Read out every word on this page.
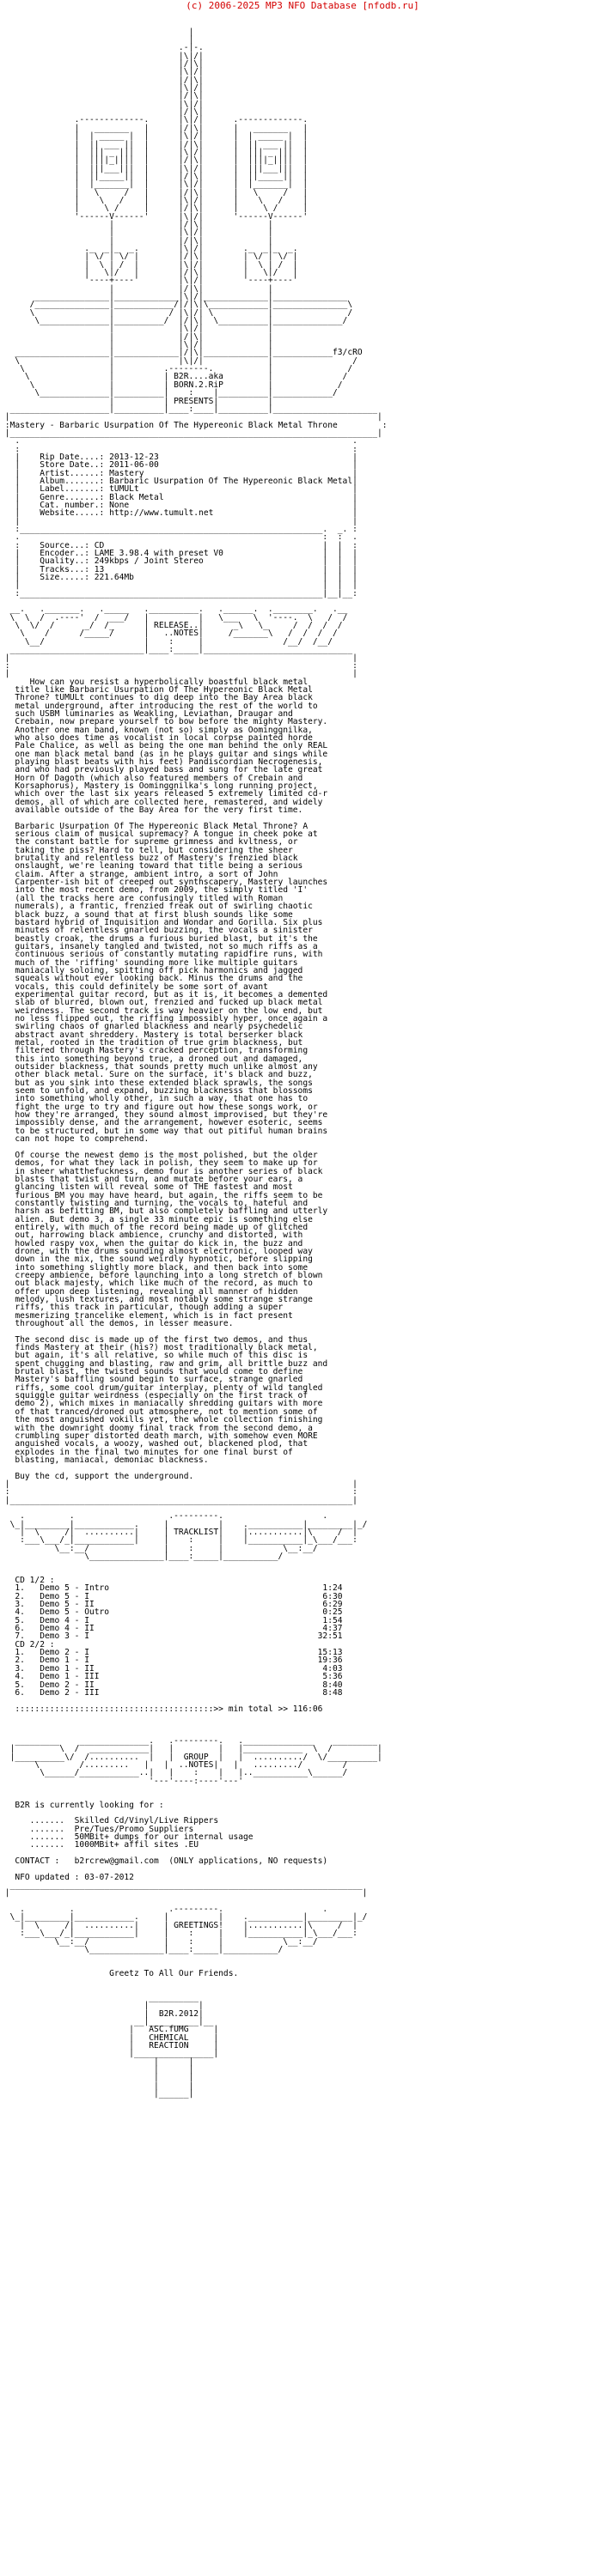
(c) 2006-2025 MP3 NFO Database [nfodb.ru]

|
|
.-|-.
|\|/|
|/|\|
|\|/|
|/|\|
|\|/|
|/|\|
|\|/|
|/|\|
.-------------.      |\|/|      .-------------.
|   _______   |      |/|\|      |   _______   |
|  | _____ |  |      |\|/|      |  | _____ |  |
|  || ___ ||  |      |/|\|      |  || ___ ||  |
|  ||| _ |||  |      |\|/|      |  ||| _ |||  |
|  ||||_||||  |      |/|\|      |  ||||_||||  |
|  |||___|||  |      |\|/|      |  |||___|||  |
|  ||_____||  |      |/|\|      |  ||_____||  |
|  |_______|  |      |\|/|      |  |_______|  |
|   \     /   |      |/|\|      |   \     /   |
|    \   /    |      |\|/|      |    \   /    |
|     \ /     |      |/|\|      |     \ /     |
'------V------'      |\|/|      '------V------'
|             |/|\|             |
|             |\|/|             |
|             |/|\|             |
._  _|_  _.        |\|/|        ._  _|_  _.
| \/ | \/ |        |/|\|        | \/ | \/ |
|  \ | /  |        |\|/|        |  \ | /  |
|   \|/   |        |/|\|        |   \|/   |
'----+----'        |\|/|        '----+----'
|             |/|\|             |
_______________|_____________|\|/|_____________|_______________
/_______________|____________/|/|\|\____________|_______________\
\               |           / |\|/| \           |               /
\______________|__________/  |/|\|  \__________|______________/
|             |\|/|             |
|             |/|\|             |
|             |\|/|             |
___________________|_____________|/|\|_____________|____________f3/cRO
\                  |             |\|/|             |                /
\                 |          .--------.           |               /
\                |          | B2R....aka         |              /
\               |          | BORN.2.RiP         |             /
\______________|__________|    :    |__________|____________/
|          | PRESENTS|          |
____________________|__________|____:____|__________|_____________________
|                                                                          |
:Mastery - Barbaric Usurpation Of The Hypereonic Black Metal Throne         :
|__________________________________________________________________________|
.                                                                   .
:                                                                   :
|    Rip Date....: 2013-12-23                                       |
|    Store Date..: 2011-06-00                                       |
|    Artist......: Mastery                                          |
|    Album.......: Barbaric Usurpation Of The Hypereonic Black Metal|
|    Label.......: tUMULt                                           |
|    Genre.......: Black Metal                                      |
|    Cat. number.: None                                             |
|    Website.....: http://www.tumult.net                            |
|                                                                   |
:_____________________________________________________________.  _. :
.                                                             :  :  .
:    Source...: CD                                            |  |  :
|    Encoder..: LAME 3.98.4 with preset V0                    |  |  |
|    Quality..: 249kbps / Joint Stereo                        |  |  |
|    Tracks...: 13                                            |  |  |
|    Size.....: 221.64Mb                                      |  |  |
|                                                             |  |  |
:_____________________________________________________________|__|__:

__.   ._______.   ._____   .__________.   .______.  .________.   .__
\  \  /  .----'  /  ___/   |          |   \___   \  '----.  \   /  /
\  \/  /      _/  /_      | RELEASE..|      _\   \_     /  /  /  /
\    /      /_____/      |   ..NOTES|     /_______\   /  /  /  /
\__/                    |    :     |                /__/  /__/
___________________________|____:_____|______________________________
|                                                                     |
:                                                                     :
|                                                                     |
How can you resist a hyperbolically boastful black metal
title like Barbaric Usurpation Of The Hypereonic Black Metal
Throne? tUMULt continues to dig deep into the Bay Area black
metal underground, after introducing the rest of the world to
such USBM luminaries as Weakling, Leviathan, Draugar and
Crebain, now prepare yourself to bow before the mighty Mastery.
Another one man band, known (not so) simply as Oominggnilka,
who also does time as vocalist in local corpse painted horde
Pale Chalice, as well as being the one man behind the only REAL
one man black metal band (as in he plays guitar and sings while
playing blast beats with his feet) Pandiscordian Necrogenesis,
and who had previously played bass and sung for the late great
Horn Of Dagoth (which also featured members of Crebain and
Korsaphorus), Mastery is Oominggnilka's long running project,
which over the last six years released 5 extremely limited cd-r
demos, all of which are collected here, remastered, and widely
available outside of the Bay Area for the very first time.

Barbaric Usurpation Of The Hypereonic Black Metal Throne? A
serious claim of musical supremacy? A tongue in cheek poke at
the constant battle for supreme grimness and kvltness, or
taking the piss? Hard to tell, but considering the sheer
brutality and relentless buzz of Mastery's frenzied black
onslaught, we're leaning toward that title being a serious
claim. After a strange, ambient intro, a sort of John
Carpenter-ish bit of creeped out synthscapery, Mastery launches
into the most recent demo, from 2009, the simply titled 'I'
(all the tracks here are confusingly titled with Roman
numerals), a frantic, frenzied freak out of swirling chaotic
black buzz, a sound that at first blush sounds like some
bastard hybrid of Inquisition and Wondar and Gorilla. Six plus
minutes of relentless gnarled buzzing, the vocals a sinister
beastly croak, the drums a furious buried blast, but it's the
guitars, insanely tangled and twisted, not so much riffs as a
continuous serious of constantly mutating rapidfire runs, with
much of the 'riffing' sounding more like multiple guitars
maniacally soloing, spitting off pick harmonics and jagged
squeals without ever looking back. Minus the drums and the
vocals, this could definitely be some sort of avant
experimental guitar record, but as it is, it becomes a demented
slab of blurred, blown out, frenzied and fucked up black metal
weirdness. The second track is way heavier on the low end, but
no less flipped out, the riffing impossibly hyper, once again a
swirling chaos of gnarled blackness and nearly psychedelic
abstract avant shreddery. Mastery is total berserker black
metal, rooted in the tradition of true grim blackness, but
filtered through Mastery's cracked perception, transforming
this into something beyond true, a droned out and damaged,
outsider blackness, that sounds pretty much unlike almost any
other black metal. Sure on the surface, it's black and buzz,
but as you sink into these extended black sprawls, the songs
seem to unfold, and expand, buzzing blacknesss that blossoms
into something wholly other, in such a way, that one has to
fight the urge to try and figure out how these songs work, or
how they're arranged, they sound almost improvised, but they're
impossibly dense, and the arrangement, however esoteric, seems
to be structured, but in some way that out pitiful human brains
can not hope to comprehend.

Of course the newest demo is the most polished, but the older
demos, for what they lack in polish, they seem to make up for
in sheer whatthefuckness, demo four is another series of black
blasts that twist and turn, and mutate before your ears, a
glancing listen will reveal some of THE fastest and most
furious BM you may have heard, but again, the riffs seem to be
constantly twisting and turning, the vocals to, hateful and
harsh as befitting BM, but also completely baffling and utterly
alien. But demo 3, a single 33 minute epic is something else
entirely, with much of the record being made up of glitched
out, harrowing black ambience, crunchy and distorted, with
howled raspy vox, when the guitar do kick in, the buzz and
drone, with the drums sounding almost electronic, looped way
down in the mix, the sound weirdly hypnotic, before slipping
into something slightly more black, and then back into some
creepy ambience, before launching into a long stretch of blown
out black majesty, which like much of the record, as much to
offer upon deep listening, revealing all manner of hidden
melody, lush textures, and most notably some strange strange
riffs, this track in particular, though adding a super
mesmerizing trancelike element, which is in fact present
throughout all the demos, in lesser measure.

The second disc is made up of the first two demos, and thus
finds Mastery at their (his?) most traditionally black metal,
but again, it's all relative, so while much of this disc is
spent chugging and blasting, raw and grim, all brittle buzz and
brutal blast, the twisted sounds that would come to define
Mastery's baffling sound begin to surface, strange gnarled
riffs, some cool drum/guitar interplay, plenty of wild tangled
squiggle guitar weirdness (especially on the first track of
demo 2), which mixes in maniacally shredding guitars with more
of that tranced/droned out atmosphere, not to mention some of
the most anguished vokills yet, the whole collection finishing
with the downright doomy final track from the second demo, a
crumbling super distorted death march, with somehow even MORE
anguished vocals, a woozy, washed out, blackened plod, that
explodes in the final two minutes for one final burst of
blasting, maniacal, demoniac blackness.

Buy the cd, support the underground.
|                                                                     |
:                                                                     :
|_____________________________________________________________________|

.         .                   .---------.                    .
\_|_________|____________.     |          |    .___________|_________|_/
|  \     /|  ..........|     | TRACKLIST|    |...........|\     /  |
:___\___/_|____________|     |    :     |    |___________|_\___/___:
\__:__/               |    :     |            \__:__/
\_______________|____:_____|___________/

CD 1/2 :
1.   Demo 5 - Intro                                           1:24
2.   Demo 5 - I                                               6:30
3.   Demo 5 - II                                              6:29
4.   Demo 5 - Outro                                           0:25
5.   Demo 4 - I                                               1:54
6.   Demo 4 - II                                              4:37
7.   Demo 3 - I                                              32:51
CD 2/2 :
1.   Demo 2 - I                                              15:13
2.   Demo 1 - I                                              19:36
3.   Demo 1 - II                                              4:03
4.   Demo 1 - III                                             5:36
5.   Demo 2 - II                                              8:40
6.   Demo 2 - III                                             8:48

::::::::::::::::::::::::::::::::::::::::>> min total >> 116:06

_________    ______________.   .---------.   .______________    _________
|         \  /  ____________|   |         |   |____________  \  /         |
|__________\/  /..........  |   |  GROUP  |   |  ........../  \/__________|
\        /.........   |   |  ..NOTES|   |   ........./        /
\______/____________..|   |    :    |   |..___________\______/
'---'----:----'---'

B2R is currently looking for :

.......  Skilled Cd/Vinyl/Live Rippers
.......  Pre/Tues/Promo Suppliers
.......  50MBit+ dumps for our internal usage
.......  1000MBit+ affil sites .EU

CONTACT :   b2rcrew@gmail.com  (ONLY applications, NO requests)

NFO updated : 03-07-2012
_______________________________________________________________________
|                                                                       |

.         .                   .---------.                    .
\_|_________|____________.     |          |    .___________|_________|_/
|  \     /|  ..........|     | GREETINGS!    |...........|\     /  |
:___\___/_|____________|     |    :     |    |___________|_\___/___:
\__:__/               |    :     |            \__:__/
\_______________|____:_____|___________/

Greetz To All Our Friends.

__________
|          |
|  B2R.2012|
__|__________|__
|   ASC.fUMG     |
|   CHEMICAL     |
|   REACTION     |
|________________|
|      |
|      |
|      |
|      |
|______|

__
